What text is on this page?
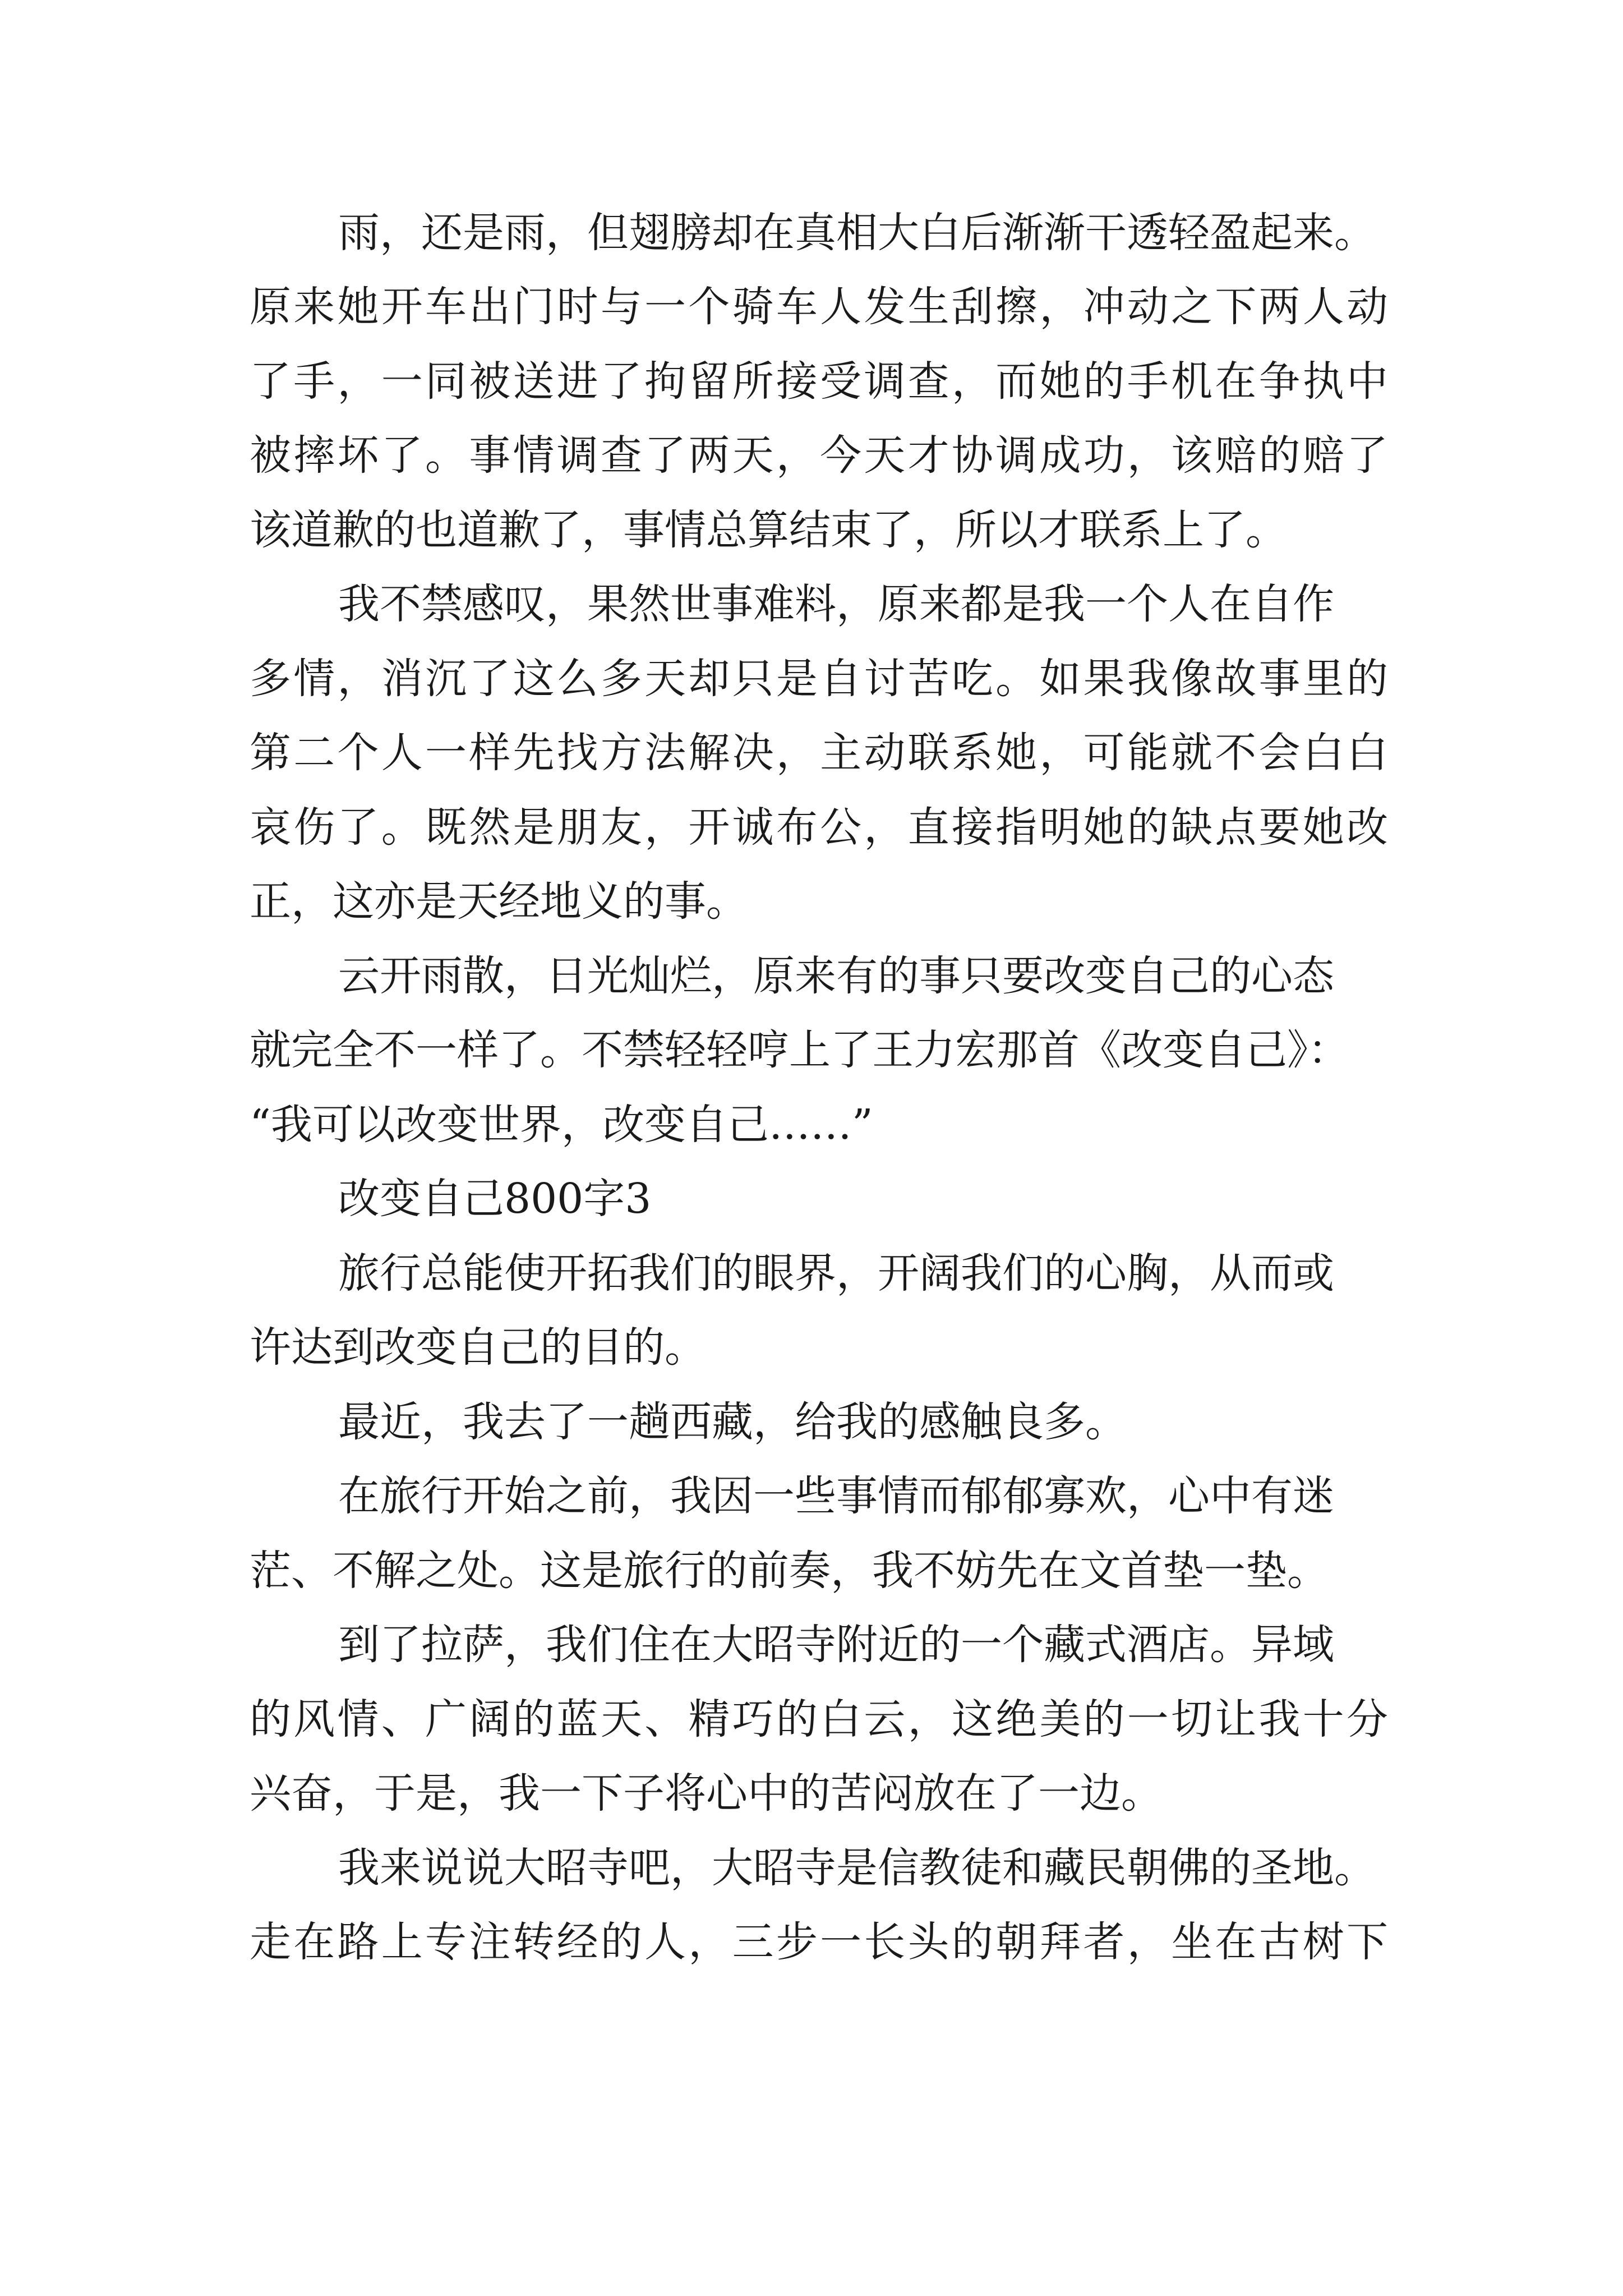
雨，还是雨，但翅膀却在真相大白后渐渐干透轻盈起来。
原来她开车出门时与一个骑车人发生刮擦，冲动之下两人动
了手，一同被送进了拘留所接受调查，而她的手机在争执中
被摔坏了。事情调查了两天，今天才协调成功，该赔的赔了
该道歉的也道歉了，事情总算结束了，所以才联系上了。
我不禁感叹，果然世事难料，原来都是我一个人在自作
多情，消沉了这么多天却只是自讨苦吃。如果我像故事里的
第二个人一样先找方法解决，主动联系她，可能就不会白白
哀伤了。既然是朋友，开诚布公，直接指明她的缺点要她改
正，这亦是天经地义的事。
云开雨散，日光灿烂，原来有的事只要改变自己的心态
就完全不一样了。不禁轻轻哼上了王力宏那首《改变自己》：
“我可以改变世界，改变自己……”
改变自己800字3
旅行总能使开拓我们的眼界，开阔我们的心胸，从而或
许达到改变自己的目的。
最近，我去了一趟西藏，给我的感触良多。
在旅行开始之前，我因一些事情而郁郁寡欢，心中有迷
茫、不解之处。这是旅行的前奏，我不妨先在文首垫一垫。
到了拉萨，我们住在大昭寺附近的一个藏式酒店。异域
的风情、广阔的蓝天、精巧的白云，这绝美的一切让我十分
兴奋，于是，我一下子将心中的苦闷放在了一边。
我来说说大昭寺吧，大昭寺是信教徒和藏民朝佛的圣地。
走在路上专注转经的人，三步一长头的朝拜者，坐在古树下
